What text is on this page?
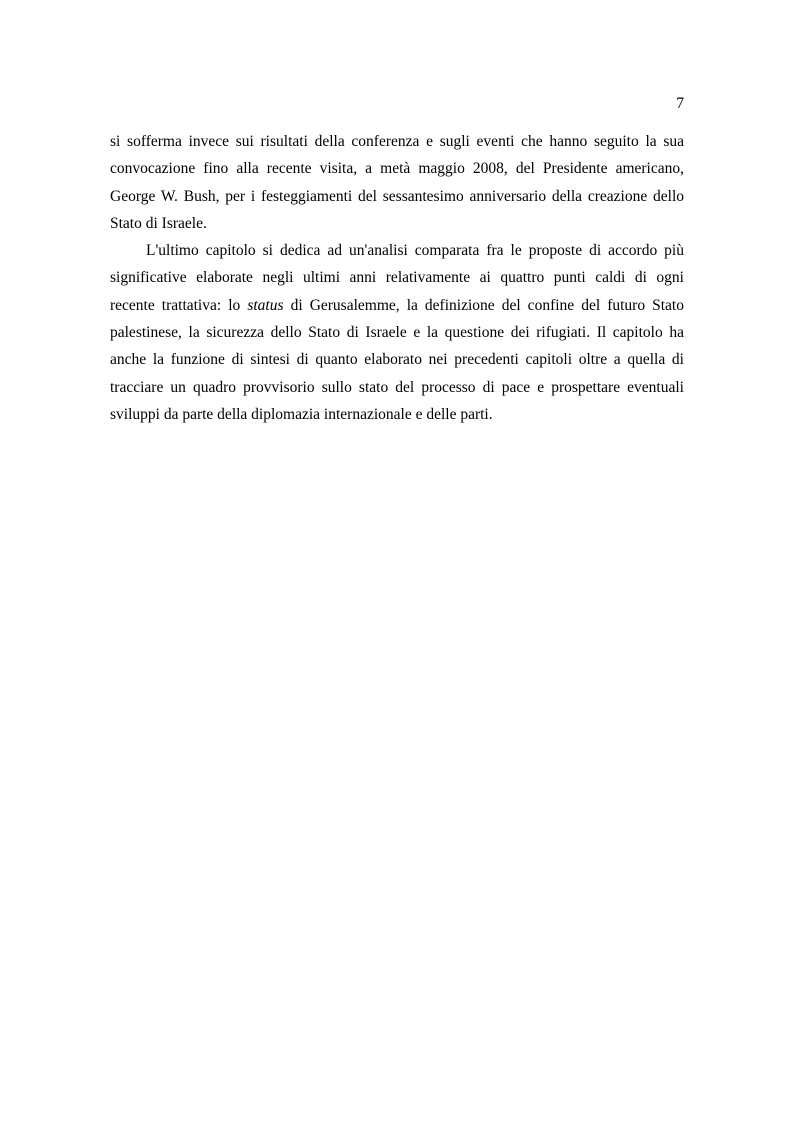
7
si sofferma invece sui risultati della conferenza e sugli eventi che hanno seguito la sua
convocazione fino alla recente visita, a metà maggio 2008, del Presidente americano,
George W. Bush, per i festeggiamenti del sessantesimo anniversario della creazione dello
Stato di Israele.
L'ultimo capitolo si dedica ad un'analisi comparata fra le proposte di accordo più
significative elaborate negli ultimi anni relativamente ai quattro punti caldi di ogni
recente trattativa: lo status di Gerusalemme, la definizione del confine del futuro Stato
palestinese, la sicurezza dello Stato di Israele e la questione dei rifugiati. Il capitolo ha
anche la funzione di sintesi di quanto elaborato nei precedenti capitoli oltre a quella di
tracciare un quadro provvisorio sullo stato del processo di pace e prospettare eventuali
sviluppi da parte della diplomazia internazionale e delle parti.
